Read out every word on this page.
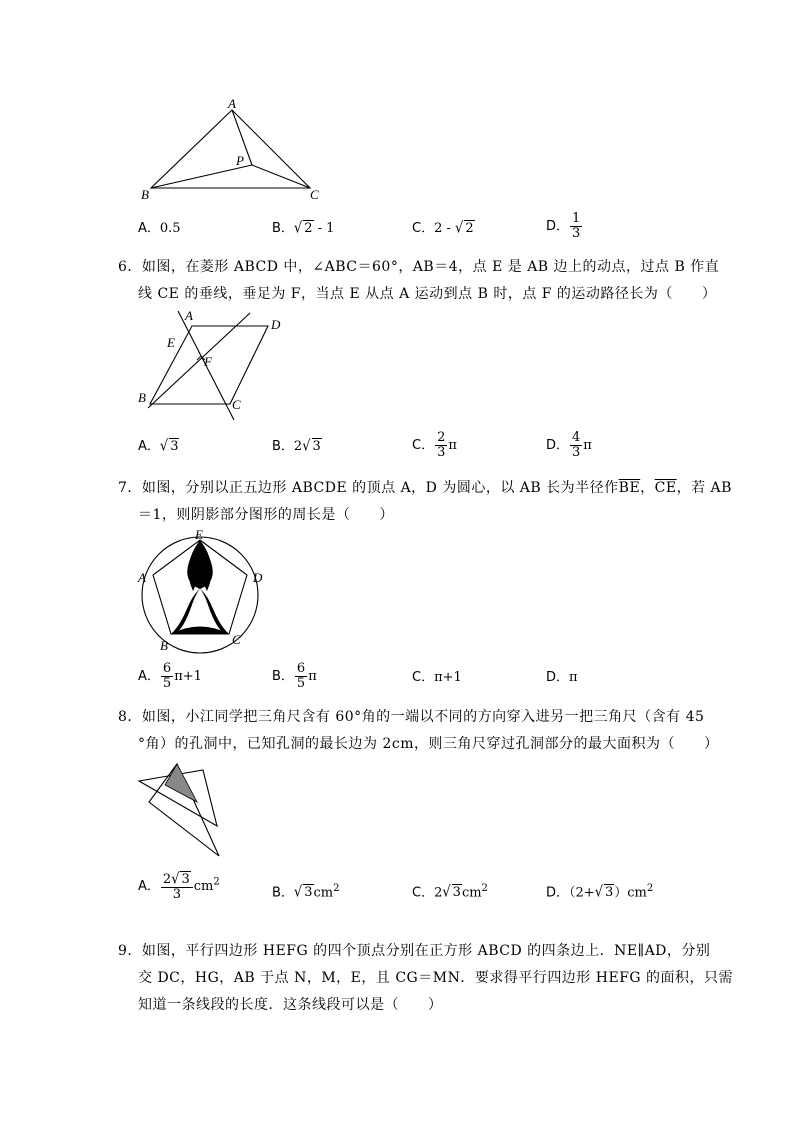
A
B	C
P
A．0.5	B．√ 2 - 1	C．2 - √ 2	D． $\frac{1}{3}$
6．如图，在菱形 ABCD 中，∠ABC＝60°，AB＝4，点 E 是 AB 边上的动点，过点 B 作直
线 CE 的垂线，垂足为 F，当点 E 从点 A 运动到点 B 时，点 F 的运动路径长为（　　）
A
D
E
F
B	C
A．√ 3	B．2√ 3	C． $\frac{2}{3}$ π	D． $\frac{4}{3}$ π
7．如图，分别以正五边形 ABCDE 的顶点 A，D 为圆心，以 AB 长为半径作$\overline{BE}$，$\overline{CE}$，若 AB
＝1，则阴影部分图形的周长是（　　）
E
A	D
B	C
A． $\frac{6}{5} \pi+1$	B． $\frac{6}{5}$ π	C．π+1	D．π
8．如图，小江同学把三角尺含有 60°角的一端以不同的方向穿入进另一把三角尺（含有 45
°角）的孔洞中，已知孔洞的最长边为 2cm，则三角尺穿过孔洞部分的最大面积为（　　）
A． $\frac{2√ 3}{3} cm^2$
B．√ $3cm^2$	C．2√ $3cm^2$	D．（2+√ $3)cm^2$
9．如图，平行四边形 HEFG 的四个顶点分别在正方形 ABCD 的四条边上．NE∥AD，分别
交 DC，HG，AB 于点 N，M，E，且 CG＝MN．要求得平行四边形 HEFG 的面积，只需
知道一条线段的长度．这条线段可以是（　　）
